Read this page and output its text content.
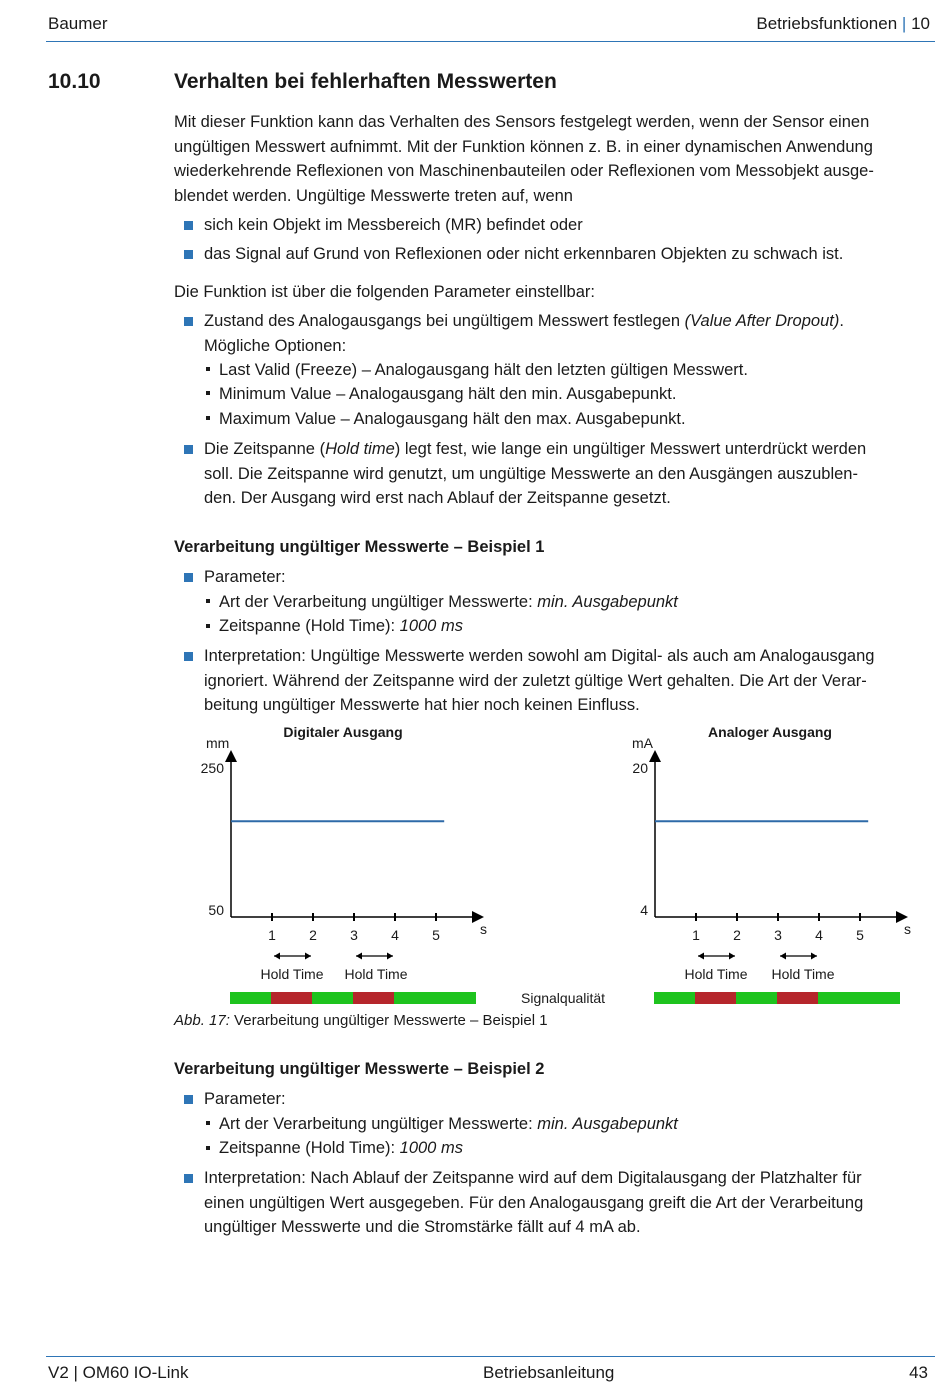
Baumer	Betriebsfunktionen | 10
10.10	Verhalten bei fehlerhaften Messwerten
Mit dieser Funktion kann das Verhalten des Sensors festgelegt werden, wenn der Sensor einen
ungültigen Messwert aufnimmt. Mit der Funktion können z. B. in einer dynamischen Anwendung
wiederkehrende Reflexionen von Maschinenbauteilen oder Reflexionen vom Messobjekt ausge-
blendet werden. Ungültige Messwerte treten auf, wenn
sich kein Objekt im Messbereich (MR) befindet oder
das Signal auf Grund von Reflexionen oder nicht erkennbaren Objekten zu schwach ist.
Die Funktion ist über die folgenden Parameter einstellbar:
Zustand des Analogausgangs bei ungültigem Messwert festlegen (Value After Dropout).
Mögliche Optionen:
Last Valid (Freeze) – Analogausgang hält den letzten gültigen Messwert.
Minimum Value – Analogausgang hält den min. Ausgabepunkt.
Maximum Value – Analogausgang hält den max. Ausgabepunkt.
Die Zeitspanne (Hold time) legt fest, wie lange ein ungültiger Messwert unterdrückt werden
soll. Die Zeitspanne wird genutzt, um ungültige Messwerte an den Ausgängen auszublen-
den. Der Ausgang wird erst nach Ablauf der Zeitspanne gesetzt.
Verarbeitung ungültiger Messwerte – Beispiel 1
Parameter:
Art der Verarbeitung ungültiger Messwerte: min. Ausgabepunkt
Zeitspanne (Hold Time): 1000 ms
Interpretation: Ungültige Messwerte werden sowohl am Digital- als auch am Analogausgang
ignoriert. Während der Zeitspanne wird der zuletzt gültige Wert gehalten. Die Art der Verar-
beitung ungültiger Messwerte hat hier noch keinen Einfluss.
Digitaler Ausgang
mm
250
50
1 2 3 4 5	s
Hold Time Hold Time
Analoger Ausgang
mA
20
4
1 2 3 4 5	s
Hold Time Hold Time
Signalqualität
Abb. 17: Verarbeitung ungültiger Messwerte – Beispiel 1
Verarbeitung ungültiger Messwerte – Beispiel 2
Parameter:
Art der Verarbeitung ungültiger Messwerte: min. Ausgabepunkt
Zeitspanne (Hold Time): 1000 ms
Interpretation: Nach Ablauf der Zeitspanne wird auf dem Digitalausgang der Platzhalter für
einen ungültigen Wert ausgegeben. Für den Analogausgang greift die Art der Verarbeitung
ungültiger Messwerte und die Stromstärke fällt auf 4 mA ab.
V2 | OM60 IO-Link	Betriebsanleitung	43
